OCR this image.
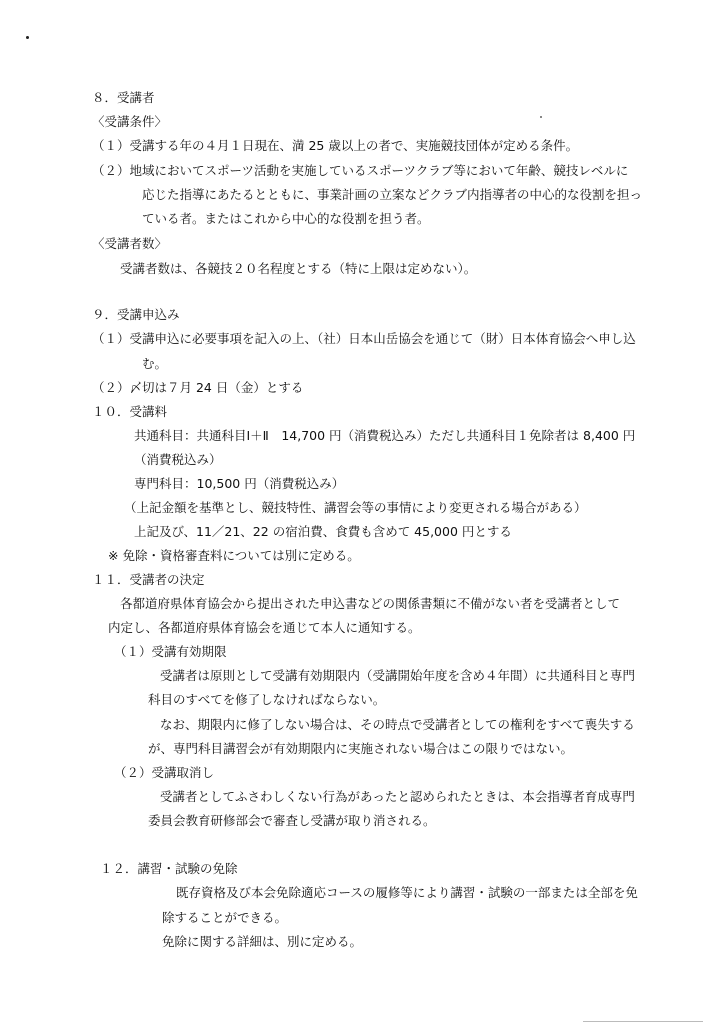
８．受講者
〈受講条件〉
（１）受講する年の４月１日現在、満 25 歳以上の者で、実施競技団体が定める条件。
（２）地域においてスポーツ活動を実施しているスポーツクラブ等において年齢、競技レベルに
応じた指導にあたるとともに、事業計画の立案などクラブ内指導者の中心的な役割を担っ
ている者。またはこれから中心的な役割を担う者。
〈受講者数〉
受講者数は、各競技２０名程度とする（特に上限は定めない）。
９．受講申込み
（１）受講申込に必要事項を記入の上、（社）日本山岳協会を通じて（財）日本体育協会へ申し込
む。
（２）〆切は７月 24 日（金）とする
１０．受講料
共通科目：共通科目Ⅰ＋Ⅱ　14,700 円（消費税込み）ただし共通科目１免除者は 8,400 円
（消費税込み）
専門科目：10,500 円（消費税込み）
（上記金額を基準とし、競技特性、講習会等の事情により変更される場合がある）
上記及び、11／21、22 の宿泊費、食費も含めて 45,000 円とする
※ 免除・資格審査料については別に定める。
１１．受講者の決定
各都道府県体育協会から提出された申込書などの関係書類に不備がない者を受講者として
内定し、各都道府県体育協会を通じて本人に通知する。
（１）受講有効期限
受講者は原則として受講有効期限内（受講開始年度を含め４年間）に共通科目と専門
科目のすべてを修了しなければならない。
なお、期限内に修了しない場合は、その時点で受講者としての権利をすべて喪失する
が、専門科目講習会が有効期限内に実施されない場合はこの限りではない。
（２）受講取消し
受講者としてふさわしくない行為があったと認められたときは、本会指導者育成専門
委員会教育研修部会で審査し受講が取り消される。
１２．講習・試験の免除
既存資格及び本会免除適応コースの履修等により講習・試験の一部または全部を免
除することができる。
免除に関する詳細は、別に定める。
